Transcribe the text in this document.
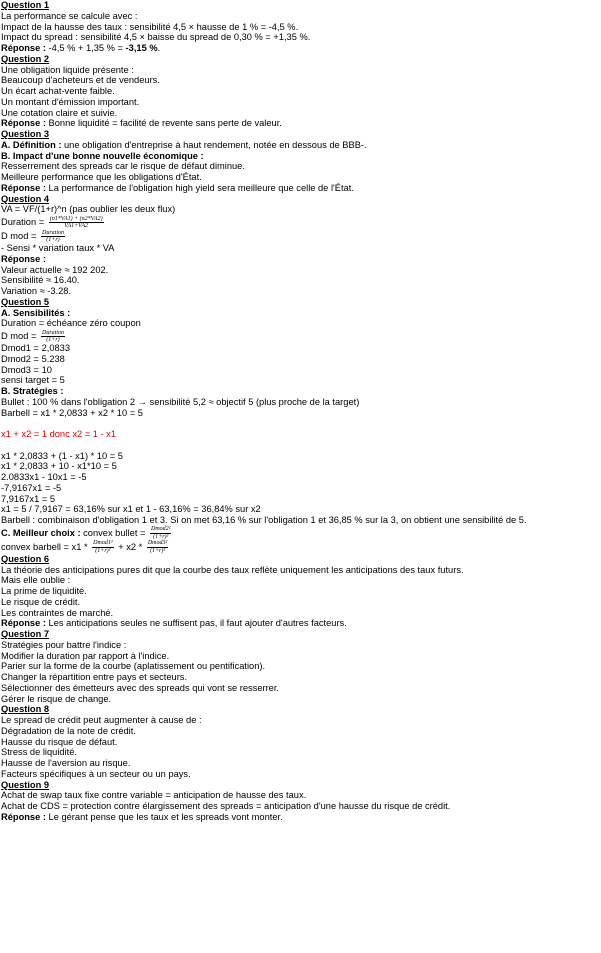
Question 1
La performance se calcule avec :
Impact de la hausse des taux : sensibilité 4,5 × hausse de 1 % = -4,5 %.
Impact du spread : sensibilité 4,5 × baisse du spread de 0,30 % = +1,35 %.
Réponse : -4,5 % + 1,35 % = -3,15 %.
Question 2
Une obligation liquide présente :
Beaucoup d'acheteurs et de vendeurs.
Un écart achat-vente faible.
Un montant d'émission important.
Une cotation claire et suivie.
Réponse : Bonne liquidité = facilité de revente sans perte de valeur.
Question 3
A. Définition : une obligation d'entreprise à haut rendement, notée en dessous de BBB-.
B. Impact d'une bonne nouvelle économique :
Resserrement des spreads car le risque de défaut diminue.
Meilleure performance que les obligations d'État.
Réponse : La performance de l'obligation high yield sera meilleure que celle de l'État.
Question 4
VA = VF/(1+r)^n (pas oublier les deux flux)
Duration = $\frac{(n1*VA1) + (n2*VA2)}{VA1+VA2}$
D mod = $\frac{\text{Duration}}{(1+r)}$
- Sensi * variation taux * VA
Réponse :
Valeur actuelle ≈ 192 202.
Sensibilité ≈ 16.40.
Variation ≈ -3.28.
Question 5
A. Sensibilités :
Duration = échéance zéro coupon
D mod = $\frac{\text{Duration}}{(1+r)}$
Dmod1 = 2,0833
Dmod2 = 5.238
Dmod3 = 10
sensi target = 5
B. Stratégies :
Bullet : 100 % dans l'obligation 2 → sensibilité 5,2 ≈ objectif 5 (plus proche de la target)
Barbell = x1 * 2,0833 + x2 * 10 = 5
x1 + x2 = 1 donc x2 = 1 - x1
x1 * 2,0833 + (1 - x1) * 10 = 5
x1 * 2,0833 + 10 - x1*10 = 5
2.0833x1 - 10x1 = -5
-7,9167x1 = -5
7,9167x1 = 5
x1 = 5 / 7,9167 = 63,16% sur x1 et 1 - 63,16% = 36,84% sur x2
Barbell : combinaison d'obligation 1 et 3. Si on met 63,16 % sur l'obligation 1 et 36,85 % sur la 3, on obtient une sensibilité de 5.
C. Meilleur choix : convex bullet = $\frac{\text{Dmod2²}}{\text{(1+r)²}}$
convex barbell = $x1 * \frac{\text{Dmod1²}}{\text{(1+r)²}} + x2 * \frac{\text{Dmod3²}}{\text{(1+r)²}}$
Question 6
La théorie des anticipations pures dit que la courbe des taux reflète uniquement les anticipations des taux futurs.
Mais elle oublie :
La prime de liquidité.
Le risque de crédit.
Les contraintes de marché.
Réponse : Les anticipations seules ne suffisent pas, il faut ajouter d'autres facteurs.
Question 7
Stratégies pour battre l'indice :
Modifier la duration par rapport à l'indice.
Parier sur la forme de la courbe (aplatissement ou pentification).
Changer la répartition entre pays et secteurs.
Sélectionner des émetteurs avec des spreads qui vont se resserrer.
Gérer le risque de change.
Question 8
Le spread de crédit peut augmenter à cause de :
Dégradation de la note de crédit.
Hausse du risque de défaut.
Stress de liquidité.
Hausse de l'aversion au risque.
Facteurs spécifiques à un secteur ou un pays.
Question 9
Achat de swap taux fixe contre variable = anticipation de hausse des taux.
Achat de CDS = protection contre élargissement des spreads = anticipation d'une hausse du risque de crédit.
Réponse : Le gérant pense que les taux et les spreads vont monter.
